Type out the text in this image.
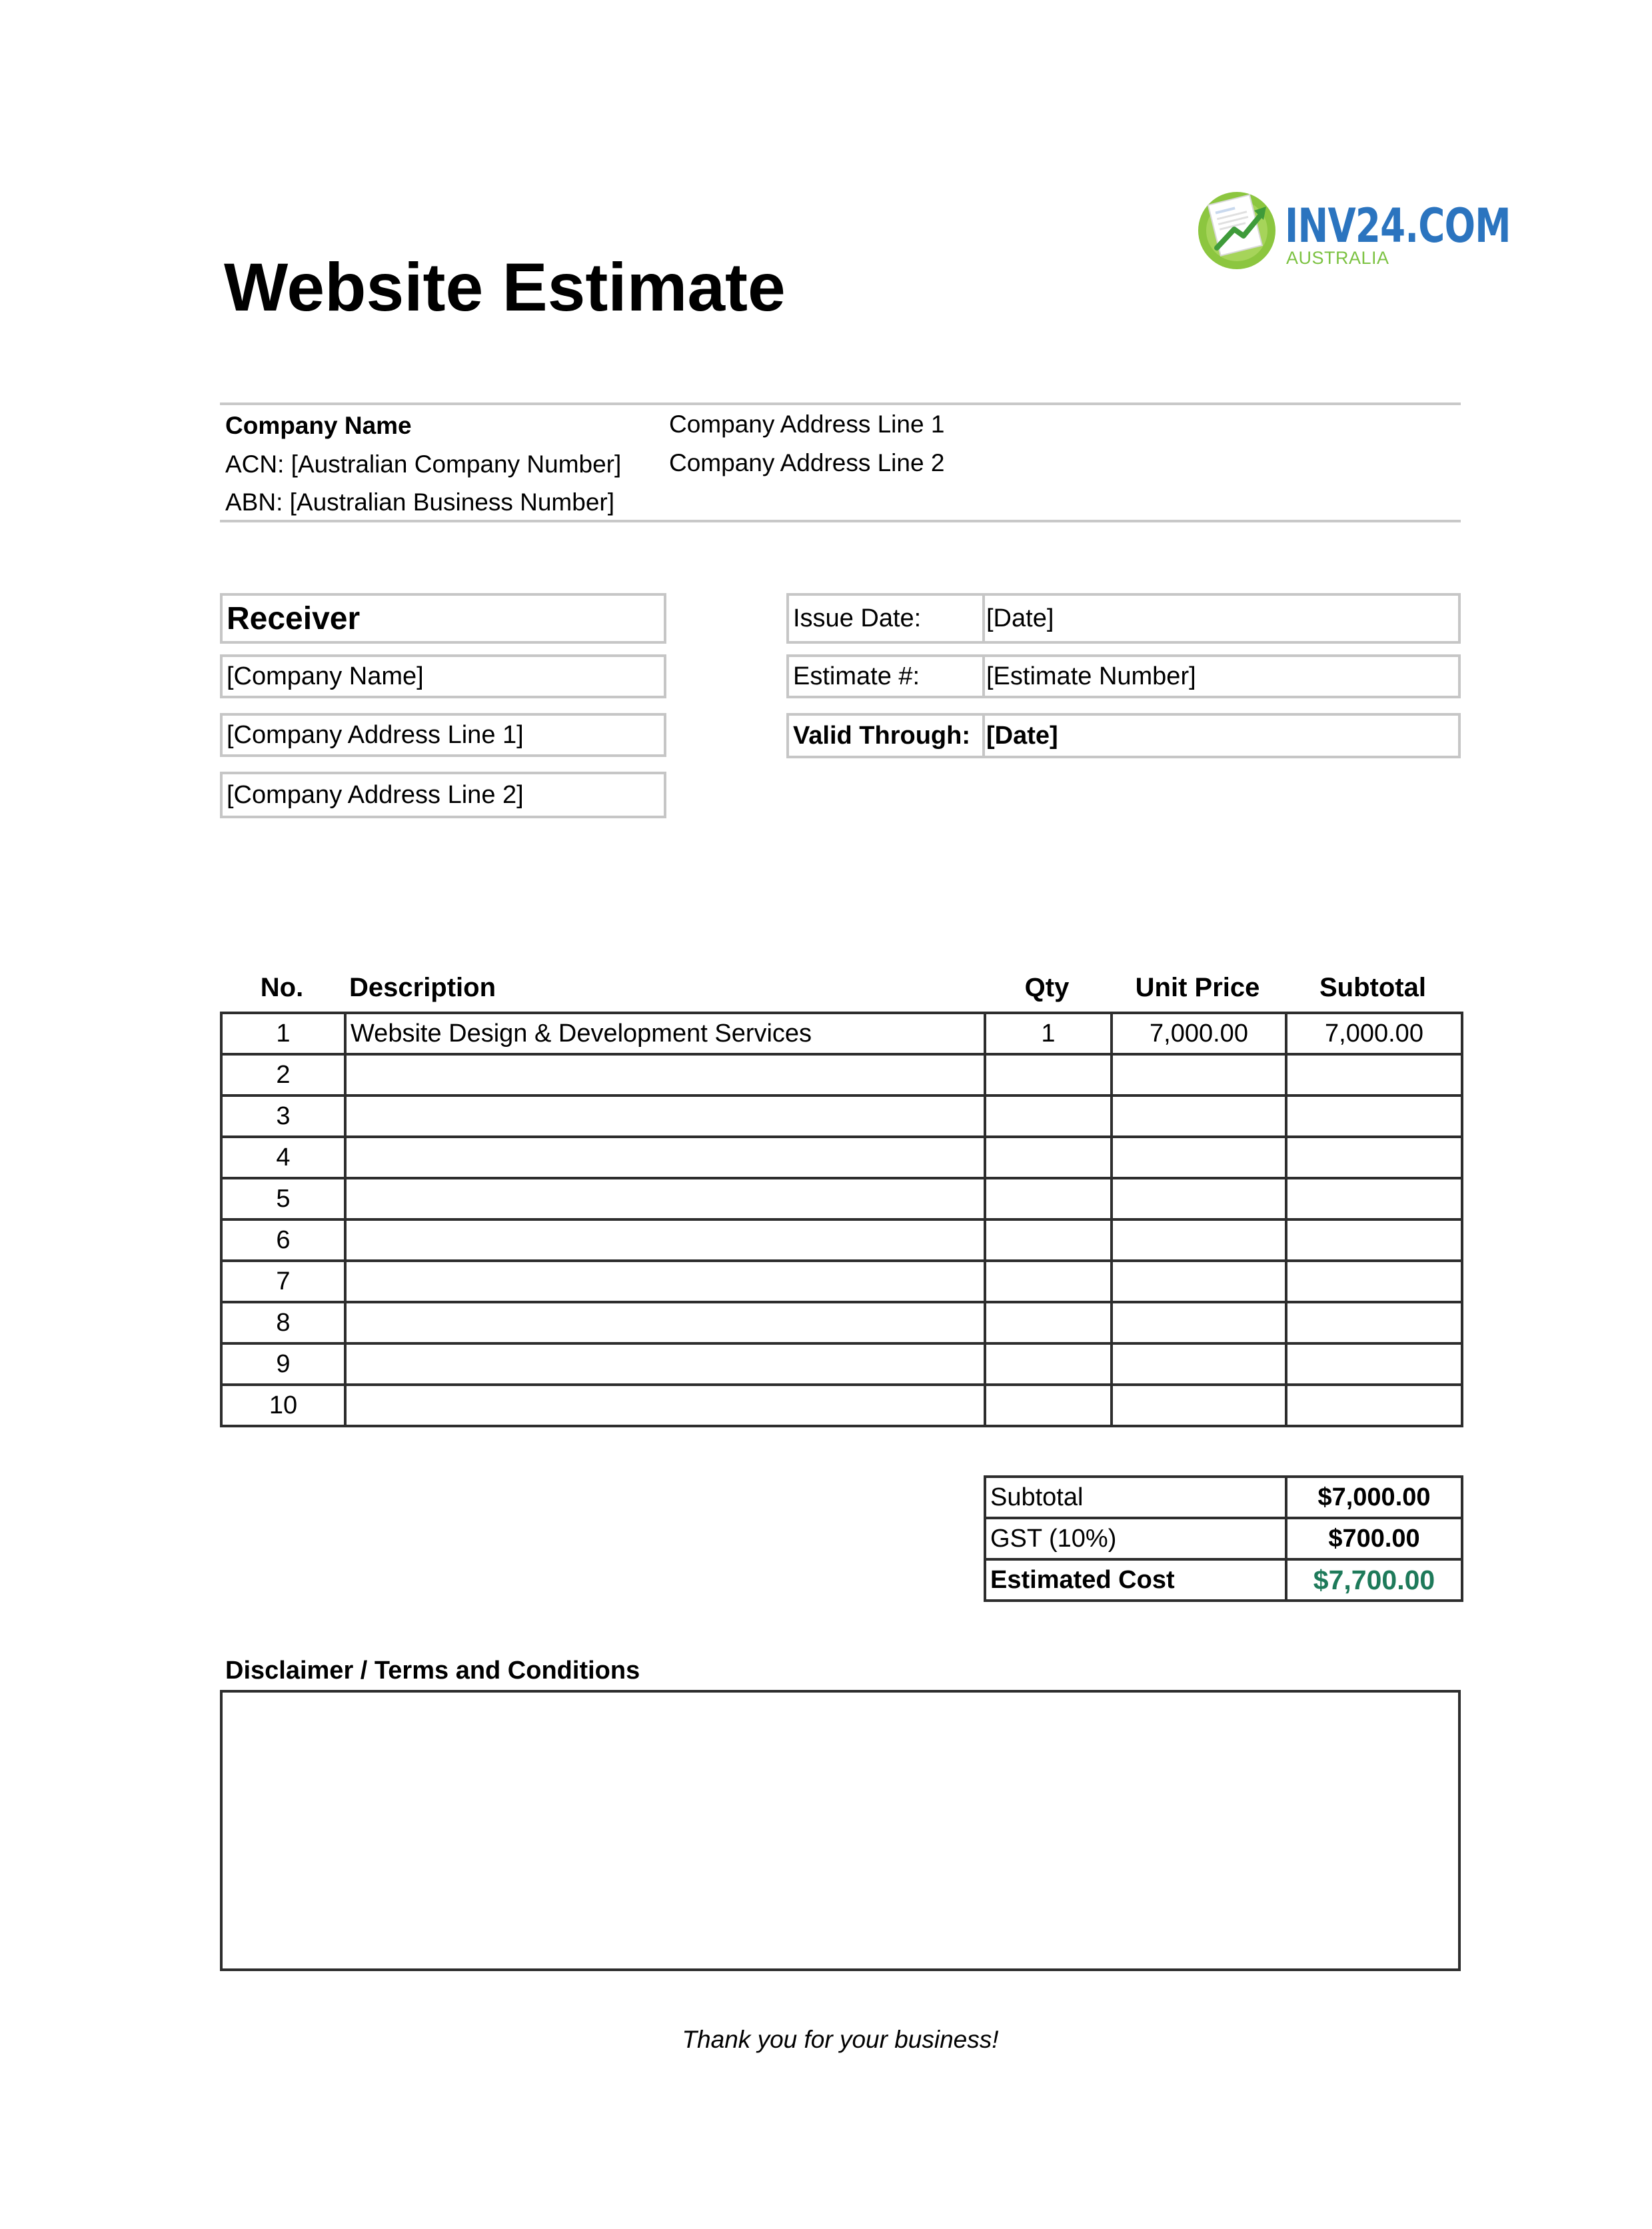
INV24.COM
AUSTRALIA
Website Estimate
Company Name
ACN: [Australian Company Number]
ABN: [Australian Business Number]
Company Address Line 1
Company Address Line 2
Receiver
[Company Name]
[Company Address Line 1]
[Company Address Line 2]
Issue Date:	[Date]
Estimate #:	[Estimate Number]
Valid Through: [Date]
No.	Description	Qty	Unit Price	Subtotal
1	Website Design & Development Services	1	7,000.00	7,000.00
2				
3				
4				
5				
6				
7				
8				
9				
10				
Subtotal	$7,000.00
GST (10%)	$700.00
Estimated Cost	$7,700.00
Disclaimer / Terms and Conditions
Thank you for your business!
